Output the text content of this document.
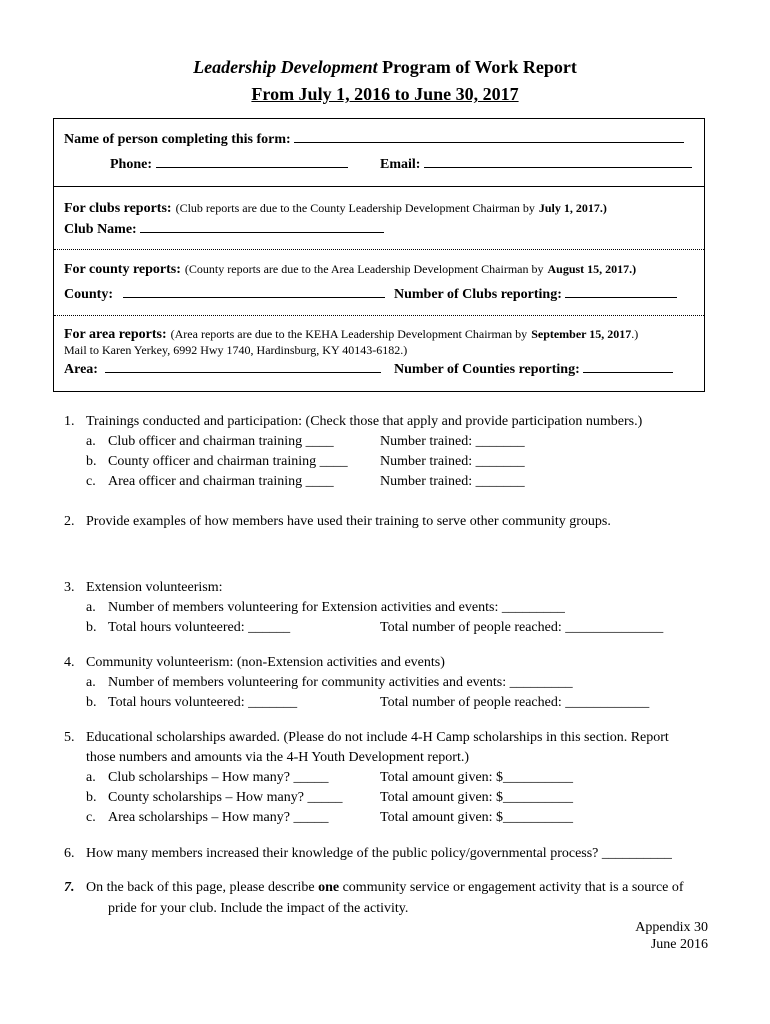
Leadership Development Program of Work Report
From July 1, 2016 to June 30, 2017
Name of person completing this form:
Phone:	Email:
For clubs reports: (Club reports are due to the County Leadership Development Chairman by July 1, 2017.)
Club Name:
For county reports: (County reports are due to the Area Leadership Development Chairman by August 15, 2017.)
County:	Number of Clubs reporting:
For area reports: (Area reports are due to the KEHA Leadership Development Chairman by September 15, 2017.)
Mail to Karen Yerkey, 6992 Hwy 1740, Hardinsburg, KY 40143-6182.)
Area:	Number of Counties reporting:
1. Trainings conducted and participation: (Check those that apply and provide participation numbers.)
a. Club officer and chairman training ____	Number trained: _______
b. County officer and chairman training ____ Number trained: _______
c. Area officer and chairman training ____	Number trained: _______
2. Provide examples of how members have used their training to serve other community groups.
3. Extension volunteerism:
a. Number of members volunteering for Extension activities and events: _________
b. Total hours volunteered: ______	Total number of people reached: ______________
4. Community volunteerism: (non-Extension activities and events)
a. Number of members volunteering for community activities and events: _________
b. Total hours volunteered: _______	Total number of people reached: ____________
5. Educational scholarships awarded. (Please do not include 4-H Camp scholarships in this section. Report
those numbers and amounts via the 4-H Youth Development report.)
a. Club scholarships – How many? _____	Total amount given: $__________
b. County scholarships – How many? _____	Total amount given: $__________
c. Area scholarships – How many? _____	Total amount given: $__________
6. How many members increased their knowledge of the public policy/governmental process? __________
7. On the back of this page, please describe one community service or engagement activity that is a source of
pride for your club. Include the impact of the activity.
Appendix 30
June 2016
